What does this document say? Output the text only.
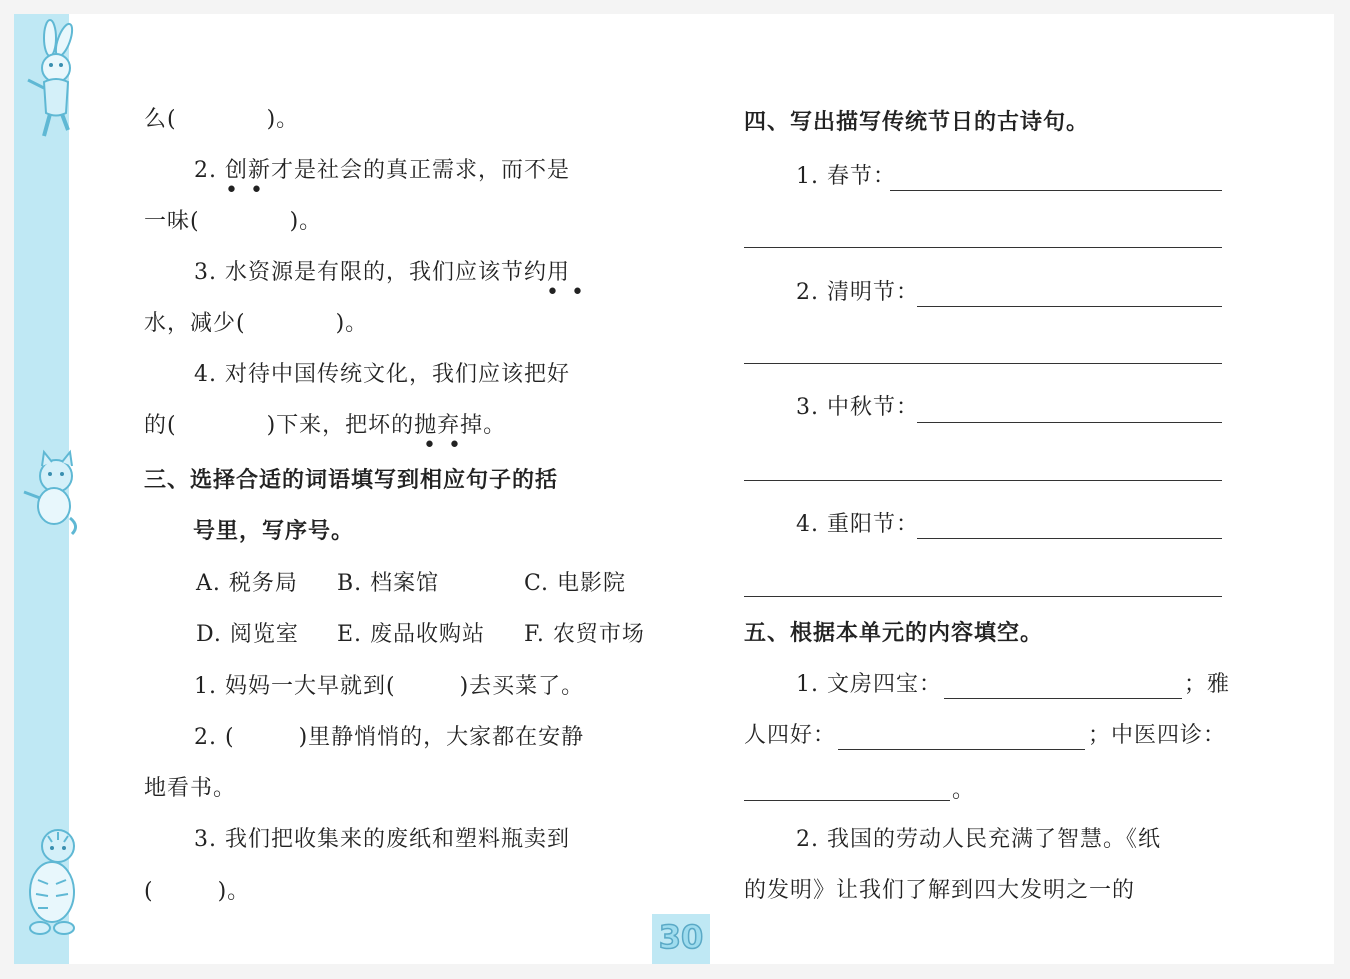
么(	)。
2. 创新才是社会的真正需求，而不是
••
一味(	)。
3. 水资源是有限的，我们应该节约用
••
水，减少(	)。
4. 对待中国传统文化，我们应该把好
的(	)下来，把坏的抛弃掉。
••
三、选择合适的词语填写到相应句子的括
号里，写序号。
A. 税务局 B. 档案馆	C. 电影院
D. 阅览室 E. 废品收购站 F. 农贸市场
1. 妈妈一大早就到(	)去买菜了。
2. (	)里静悄悄的，大家都在安静
地看书。
3. 我们把收集来的废纸和塑料瓶卖到
(	)。
四、写出描写传统节日的古诗句。
1. 春节：
2. 清明节：
3. 中秋节：
4. 重阳节：
五、根据本单元的内容填空。
1. 文房四宝：	；雅
人四好：	；中医四诊：
。
2. 我国的劳动人民充满了智慧。《纸
的发明》让我们了解到四大发明之一的
30
